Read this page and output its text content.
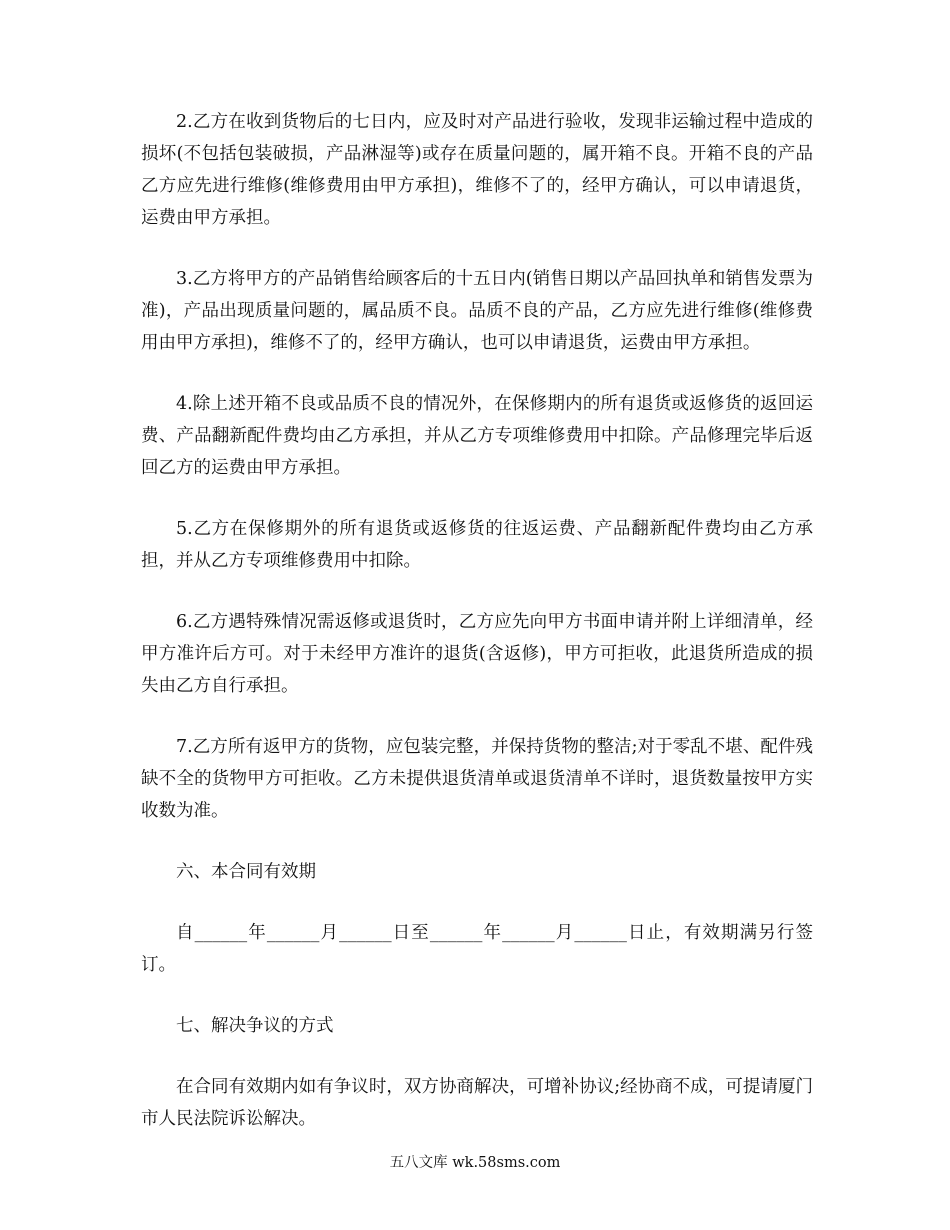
2.乙方在收到货物后的七日内，应及时对产品进行验收，发现非运输过程中造成的损坏(不包括包装破损，产品淋湿等)或存在质量问题的，属开箱不良。开箱不良的产品乙方应先进行维修(维修费用由甲方承担)，维修不了的，经甲方确认，可以申请退货，运费由甲方承担。

3.乙方将甲方的产品销售给顾客后的十五日内(销售日期以产品回执单和销售发票为准)，产品出现质量问题的，属品质不良。品质不良的产品，乙方应先进行维修(维修费用由甲方承担)，维修不了的，经甲方确认，也可以申请退货，运费由甲方承担。

4.除上述开箱不良或品质不良的情况外，在保修期内的所有退货或返修货的返回运费、产品翻新配件费均由乙方承担，并从乙方专项维修费用中扣除。产品修理完毕后返回乙方的运费由甲方承担。

5.乙方在保修期外的所有退货或返修货的往返运费、产品翻新配件费均由乙方承担，并从乙方专项维修费用中扣除。

6.乙方遇特殊情况需返修或退货时，乙方应先向甲方书面申请并附上详细清单，经甲方准许后方可。对于未经甲方准许的退货(含返修)，甲方可拒收，此退货所造成的损失由乙方自行承担。

7.乙方所有返甲方的货物，应包装完整，并保持货物的整洁;对于零乱不堪、配件残缺不全的货物甲方可拒收。乙方未提供退货清单或退货清单不详时，退货数量按甲方实收数为准。

六、本合同有效期

自______年______月______日至______年______月______日止，有效期满另行签订。

七、解决争议的方式

在合同有效期内如有争议时，双方协商解决，可增补协议;经协商不成，可提请厦门市人民法院诉讼解决。

五八文库 wk.58sms.com
